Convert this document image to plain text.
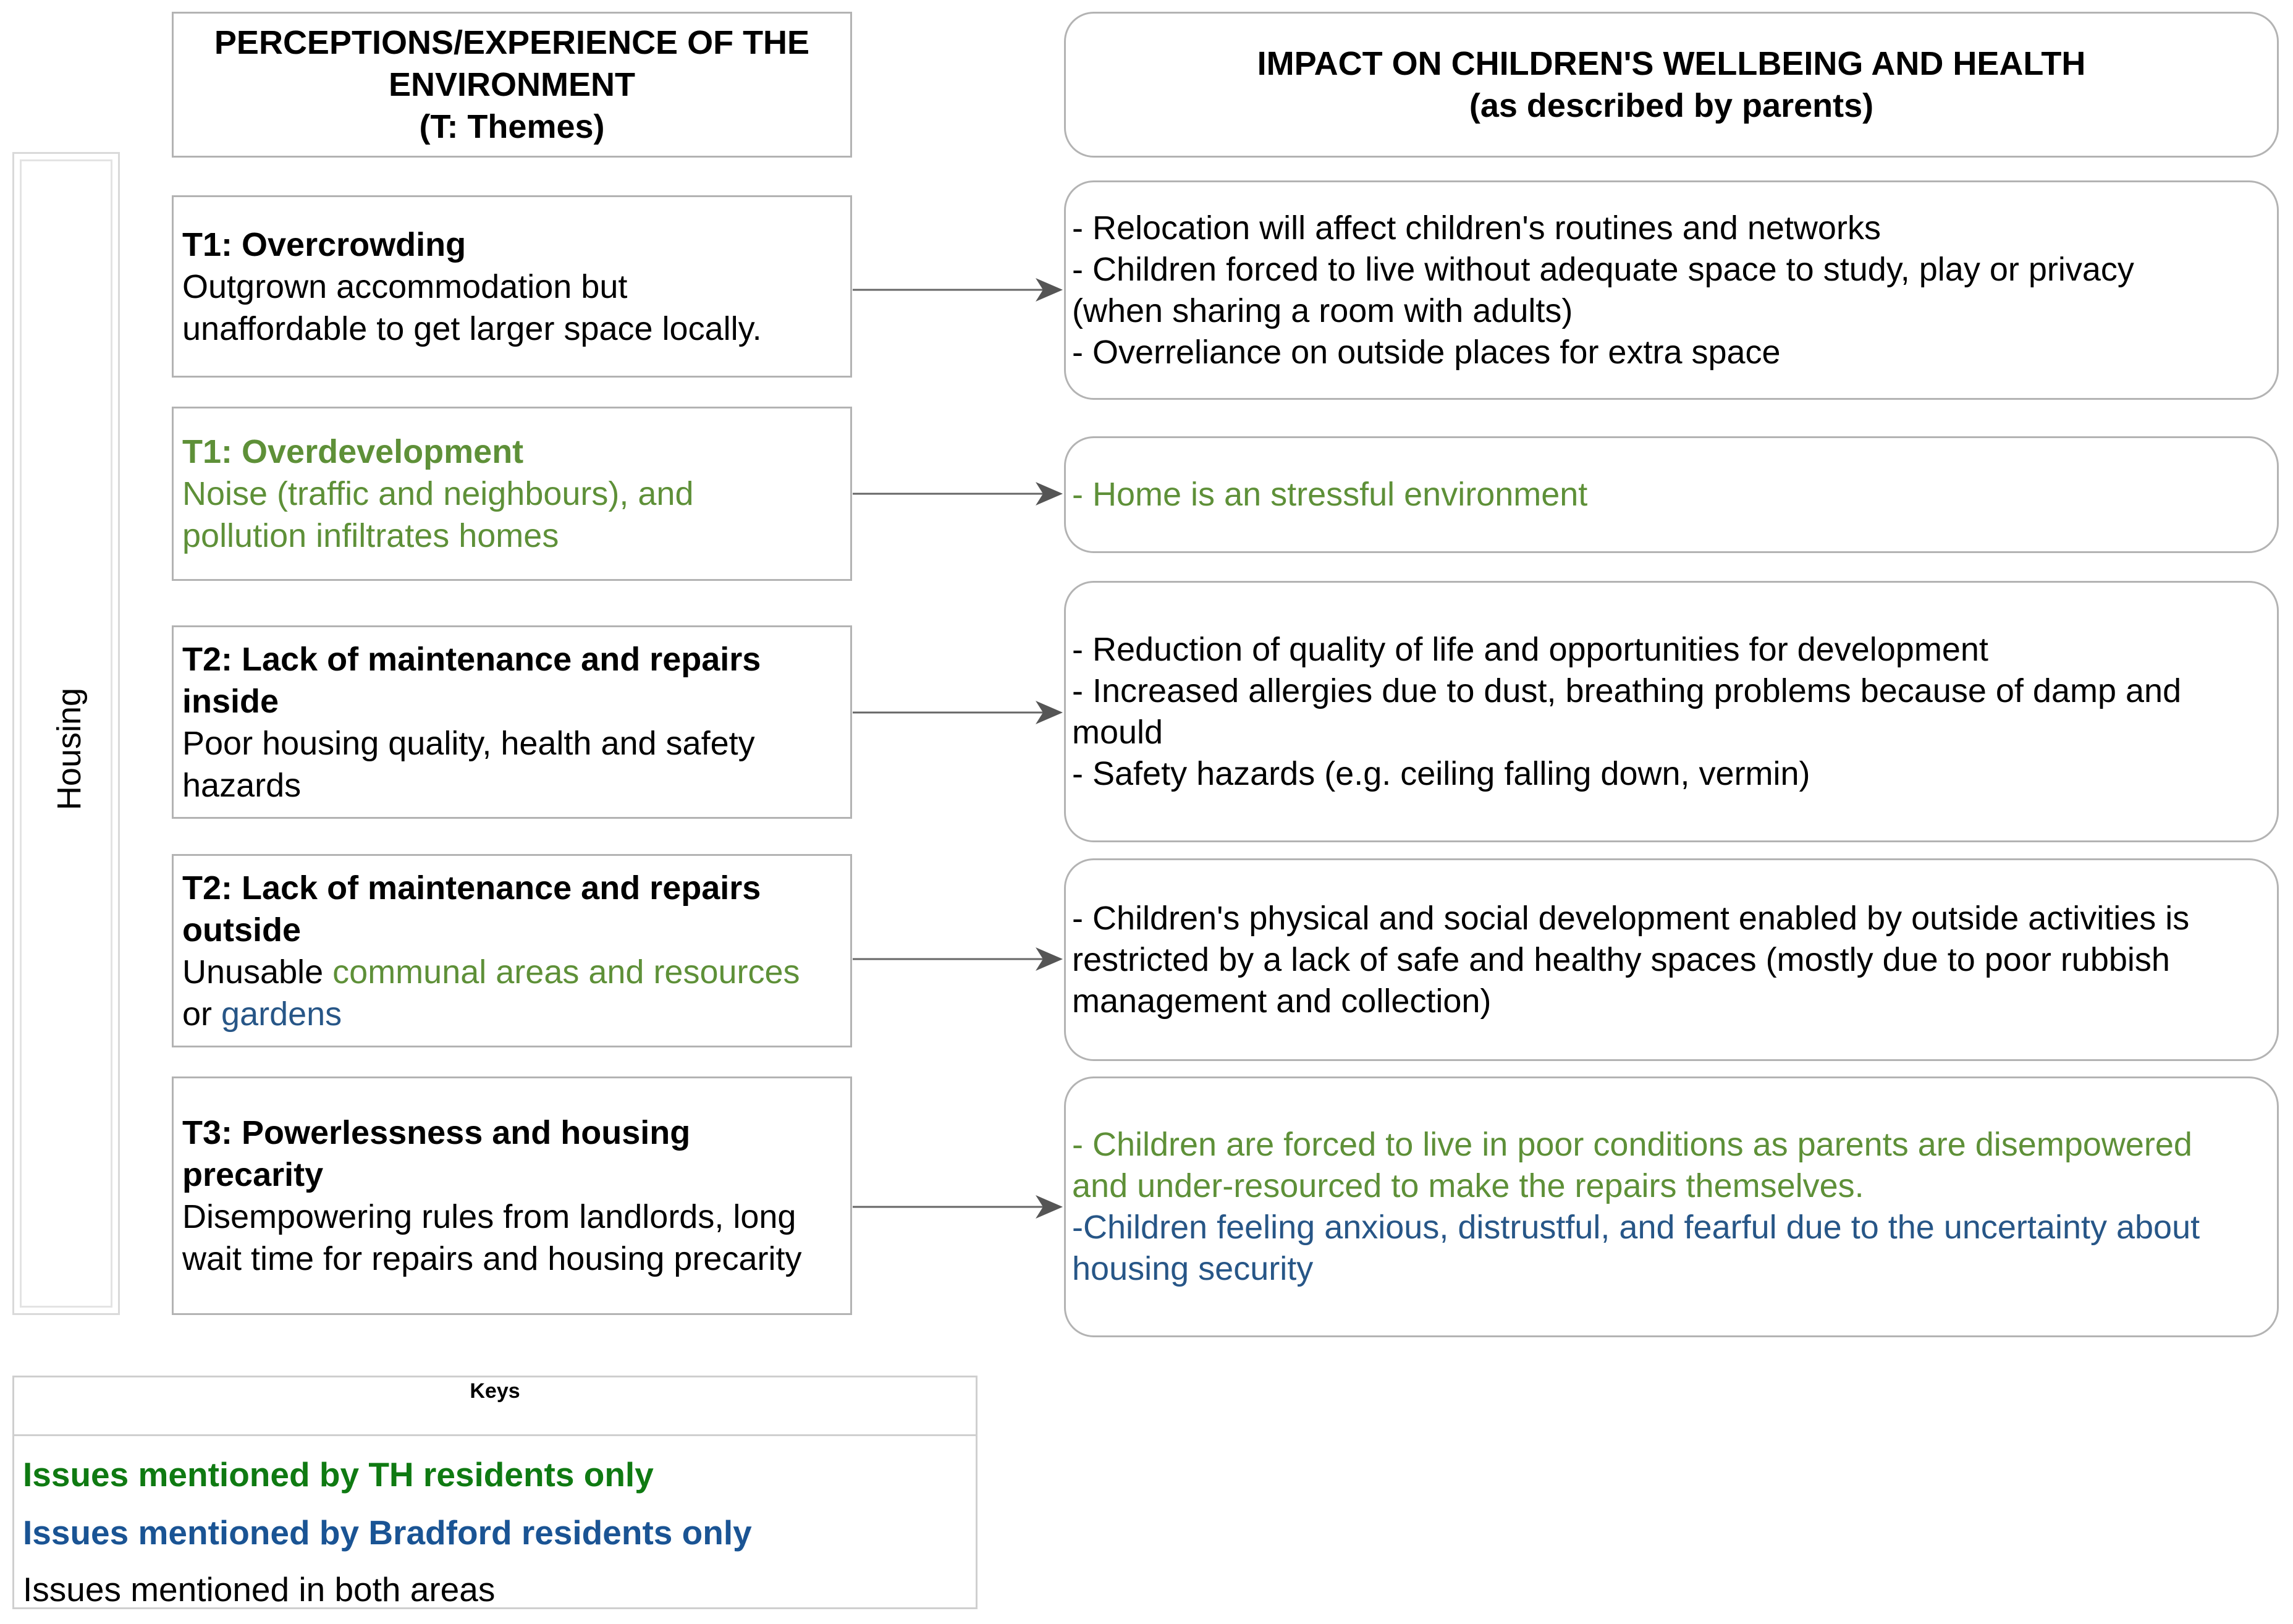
Housing
PERCEPTIONS/EXPERIENCE OF THE
ENVIRONMENT
(T: Themes)
IMPACT ON CHILDREN'S WELLBEING AND HEALTH
(as described by parents)
T1: Overcrowding
Outgrown accommodation but
unaffordable to get larger space locally.
T1: Overdevelopment
Noise (traffic and neighbours), and
pollution infiltrates homes
T2: Lack of maintenance and repairs
inside
Poor housing quality, health and safety
hazards
T2: Lack of maintenance and repairs
outside
Unusable communal areas and resources
or gardens
T3: Powerlessness and housing
precarity
Disempowering rules from landlords, long
wait time for repairs and housing precarity
- Relocation will affect children's routines and networks
- Children forced to live without adequate space to study, play or privacy
(when sharing a room with adults)
- Overreliance on outside places for extra space
- Home is an stressful environment
- Reduction of quality of life and opportunities for development
- Increased allergies due to dust, breathing problems because of damp and
mould
- Safety hazards (e.g. ceiling falling down, vermin)
- Children's physical and social development enabled by outside activities is
restricted by a lack of safe and healthy spaces (mostly due to poor rubbish
management and collection)
- Children are forced to live in poor conditions as parents are disempowered
and under-resourced to make the repairs themselves.
-Children feeling anxious, distrustful, and fearful due to the uncertainty about
housing security
Keys
Issues mentioned by TH residents only
Issues mentioned by Bradford residents only
Issues mentioned in both areas
